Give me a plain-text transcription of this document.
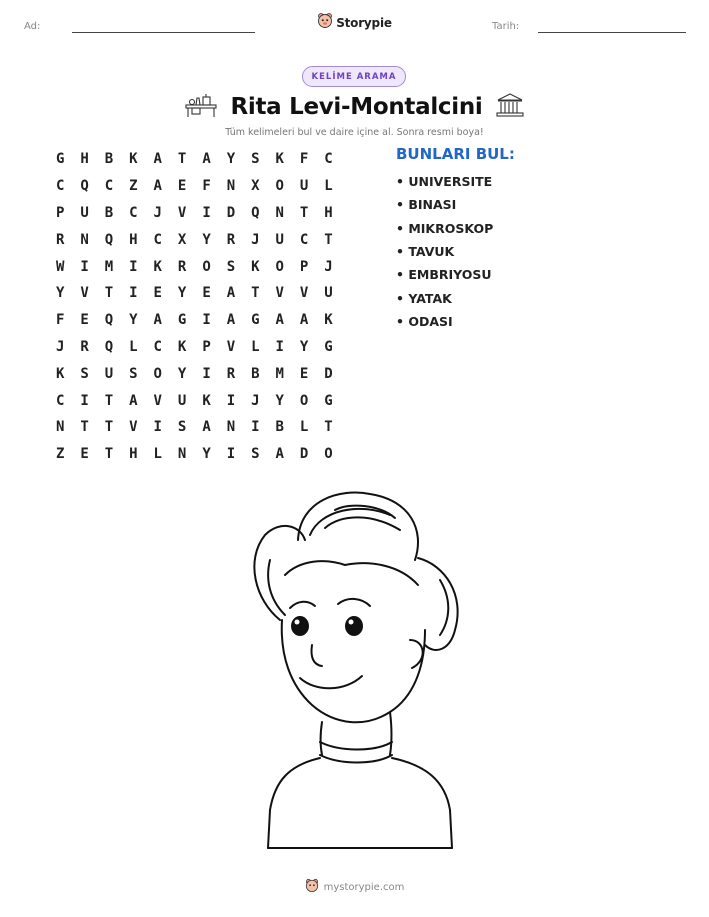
Ad:	Tarih:
Storypie
KELİME ARAMA
Rita Levi-Montalcini
Tüm kelimeleri bul ve daire içine al. Sonra resmi boya!
G	H	B	K	A	T	A	Y	S	K	F	C
C	Q	C	Z	A	E	F	N	X	O	U	L
P	U	B	C	J	V	I	D	Q	N	T	H
R	N	Q	H	C	X	Y	R	J	U	C	T
W	I	M	I	K	R	O	S	K	O	P	J
Y	V	T	I	E	Y	E	A	T	V	V	U
F	E	Q	Y	A	G	I	A	G	A	A	K
J	R	Q	L	C	K	P	V	L	I	Y	G
K	S	U	S	O	Y	I	R	B	M	E	D
C	I	T	A	V	U	K	I	J	Y	O	G
N	T	T	V	I	S	A	N	I	B	L	T
Z	E	T	H	L	N	Y	I	S	A	D	O
BUNLARI BUL:
• UNIVERSITE
• BINASI
• MIKROSKOP
• TAVUK
• EMBRIYOSU
• YATAK
• ODASI
mystorypie.com
